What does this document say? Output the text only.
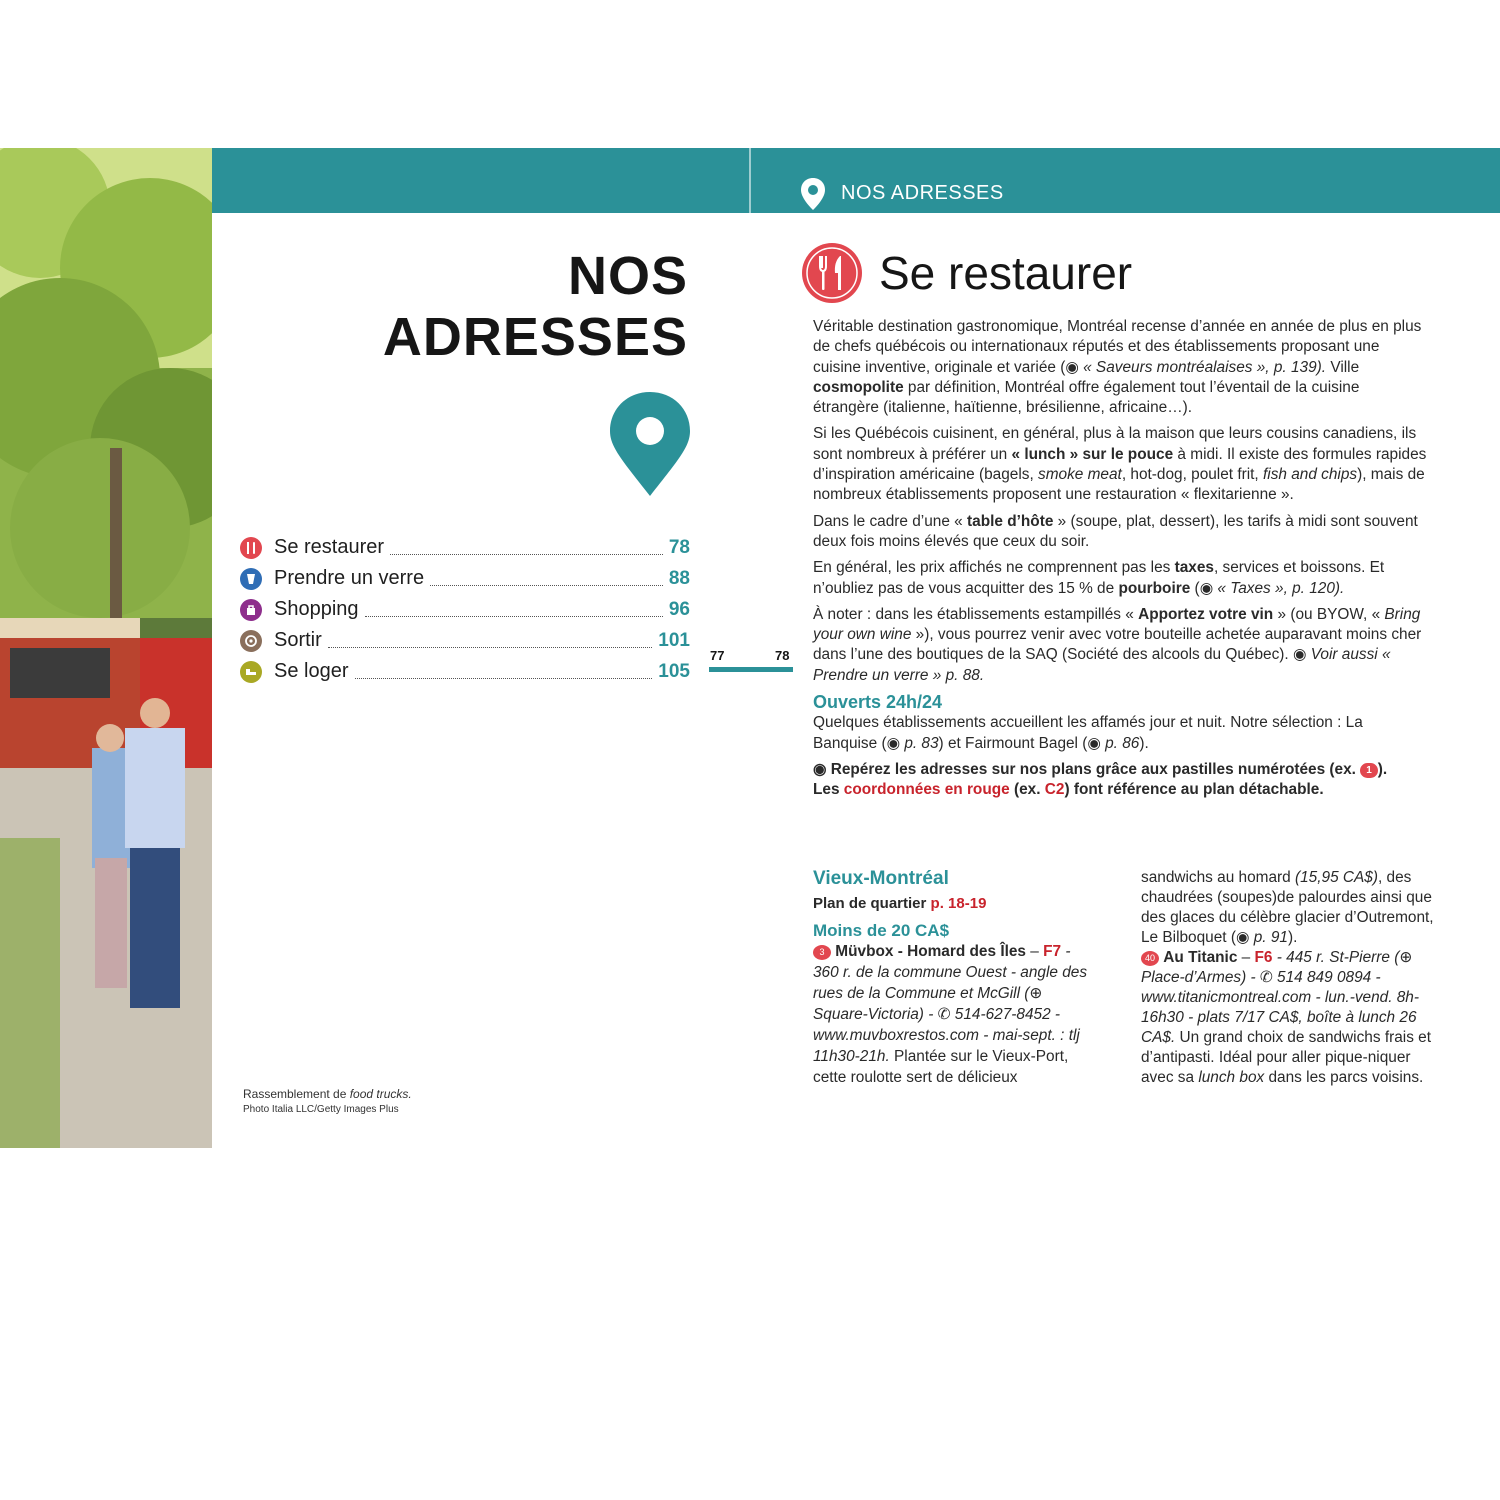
NOS ADRESSES
NOS
ADRESSES
Se restaurer	78
Prendre un verre	88
Shopping	96
Sortir	101
Se loger	105
Rassemblement de food trucks.
Photo Italia LLC/Getty Images Plus
77	78
Se restaurer

Véritable destination gastronomique, Montréal recense d’année en année de plus en plus de chefs québécois ou internationaux réputés et des établissements proposant une cuisine inventive, originale et variée (◉ « Saveurs montréalaises », p. 139). Ville cosmopolite par définition, Montréal offre également tout l’éventail de la cuisine étrangère (italienne, haïtienne, brésilienne, africaine…).

Si les Québécois cuisinent, en général, plus à la maison que leurs cousins canadiens, ils sont nombreux à préférer un « lunch » sur le pouce à midi. Il existe des formules rapides d’inspiration américaine (bagels, smoke meat, hot-dog, poulet frit, fish and chips), mais de nombreux établissements proposent une restauration « flexitarienne ».

Dans le cadre d’une « table d’hôte » (soupe, plat, dessert), les tarifs à midi sont souvent deux fois moins élevés que ceux du soir.

En général, les prix affichés ne comprennent pas les taxes, services et boissons. Et n’oubliez pas de vous acquitter des 15 % de pourboire (◉ « Taxes », p. 120).

À noter : dans les établissements estampillés « Apportez votre vin » (ou BYOW, « Bring your own wine »), vous pourrez venir avec votre bouteille achetée auparavant moins cher dans l’une des boutiques de la SAQ (Société des alcools du Québec). ◉ Voir aussi « Prendre un verre » p. 88.

Ouverts 24h/24

Quelques établissements accueillent les affamés jour et nuit. Notre sélection : La Banquise (◉ p. 83) et Fairmount Bagel (◉ p. 86).

◉ Repérez les adresses sur nos plans grâce aux pastilles numérotées (ex. 1 ).
Les coordonnées en rouge (ex. C2) font référence au plan détachable.

Vieux-Montréal
Plan de quartier p. 18-19
Moins de 20 CA$
3 Müvbox - Homard des Îles – F7 - 360 r. de la commune Ouest - angle des rues de la Commune et McGill (⊕ Square-Victoria) - ✆ 514-627-8452 - www.muvboxrestos.com - mai-sept. : tlj 11h30-21h. Plantée sur le Vieux-Port, cette roulotte sert de délicieux
sandwichs au homard (15,95 CA$), des chaudrées (soupes)de palourdes ainsi que des glaces du célèbre glacier d’Outremont, Le Bilboquet (◉ p. 91).
40 Au Titanic – F6 - 445 r. St-Pierre (⊕ Place-d’Armes) - ✆ 514 849 0894 - www.titanicmontreal.com - lun.-vend. 8h-16h30 - plats 7/17 CA$, boîte à lunch 26 CA$. Un grand choix de sandwichs frais et d’antipasti. Idéal pour aller pique-niquer avec sa lunch box dans les parcs voisins.
